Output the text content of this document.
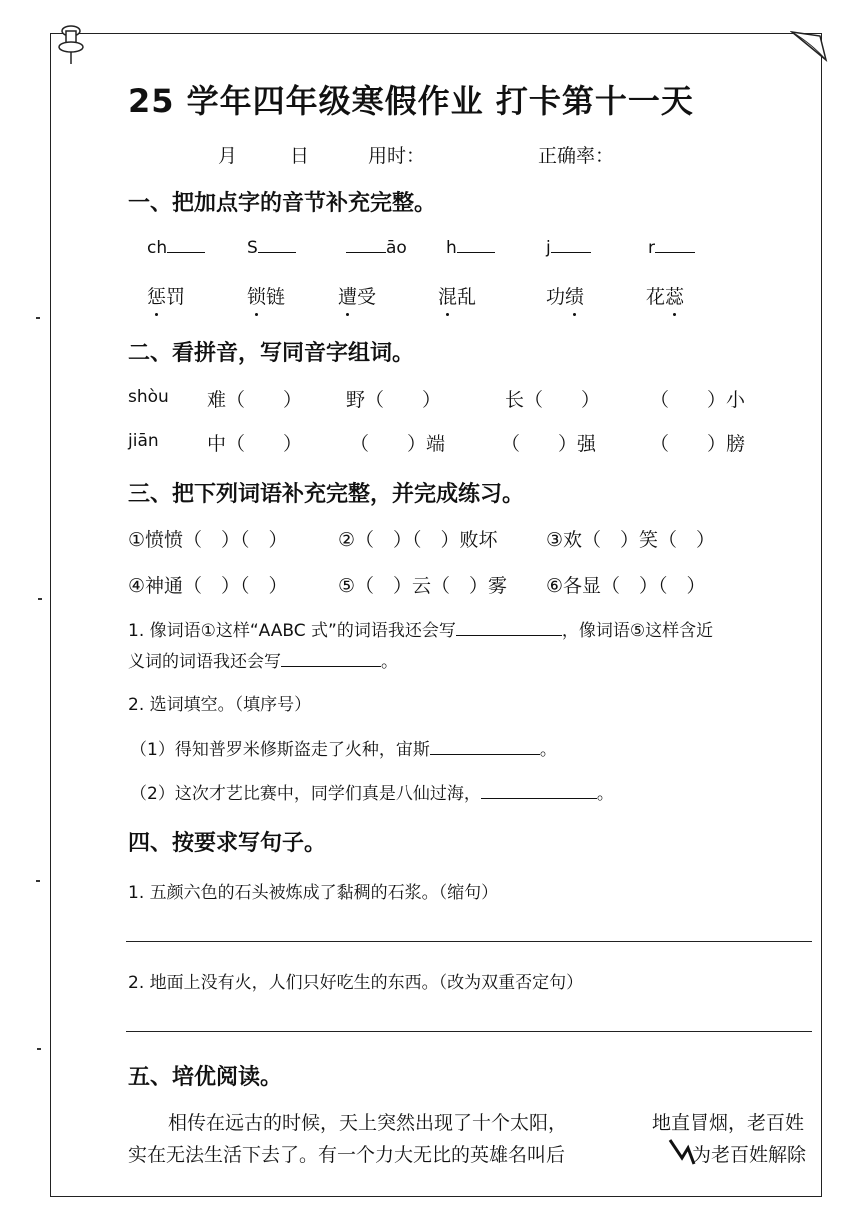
25 学年四年级寒假作业 打卡第十一天
月	日	用时：	正确率：
一、把加点字的音节补充完整。
ch	S	āo h	j	r
惩罚	锁链	遭受	混乱	功绩	花蕊
二、看拼音，写同音字组词。
shòu 难（　　） 野（　　）	长（　　）	（　　）小
jiān	中（　　）	（　　）端	（　　）强	（　　）膀
三、把下列词语补充完整，并完成练习。
①愤愤（　）（　）	②（　）（　）败坏	③欢（　）笑（　）
④神通（　）（　）	⑤（　）云（　）雾 ⑥各显（　）（　）
1. 像词语①这样“AABC 式”的词语我还会写	，像词语⑤这样含近
义词的词语我还会写	。
2. 选词填空。（填序号）
（1）得知普罗米修斯盗走了火种，宙斯	。
（2）这次才艺比赛中，同学们真是八仙过海，	。
四、按要求写句子。
1. 五颜六色的石头被炼成了黏稠的石浆。（缩句）
2. 地面上没有火，人们只好吃生的东西。（改为双重否定句）
五、培优阅读。
相传在远古的时候，天上突然出现了十个太阳，	地直冒烟，老百姓
实在无法生活下去了。有一个力大无比的英雄名叫后	为老百姓解除
